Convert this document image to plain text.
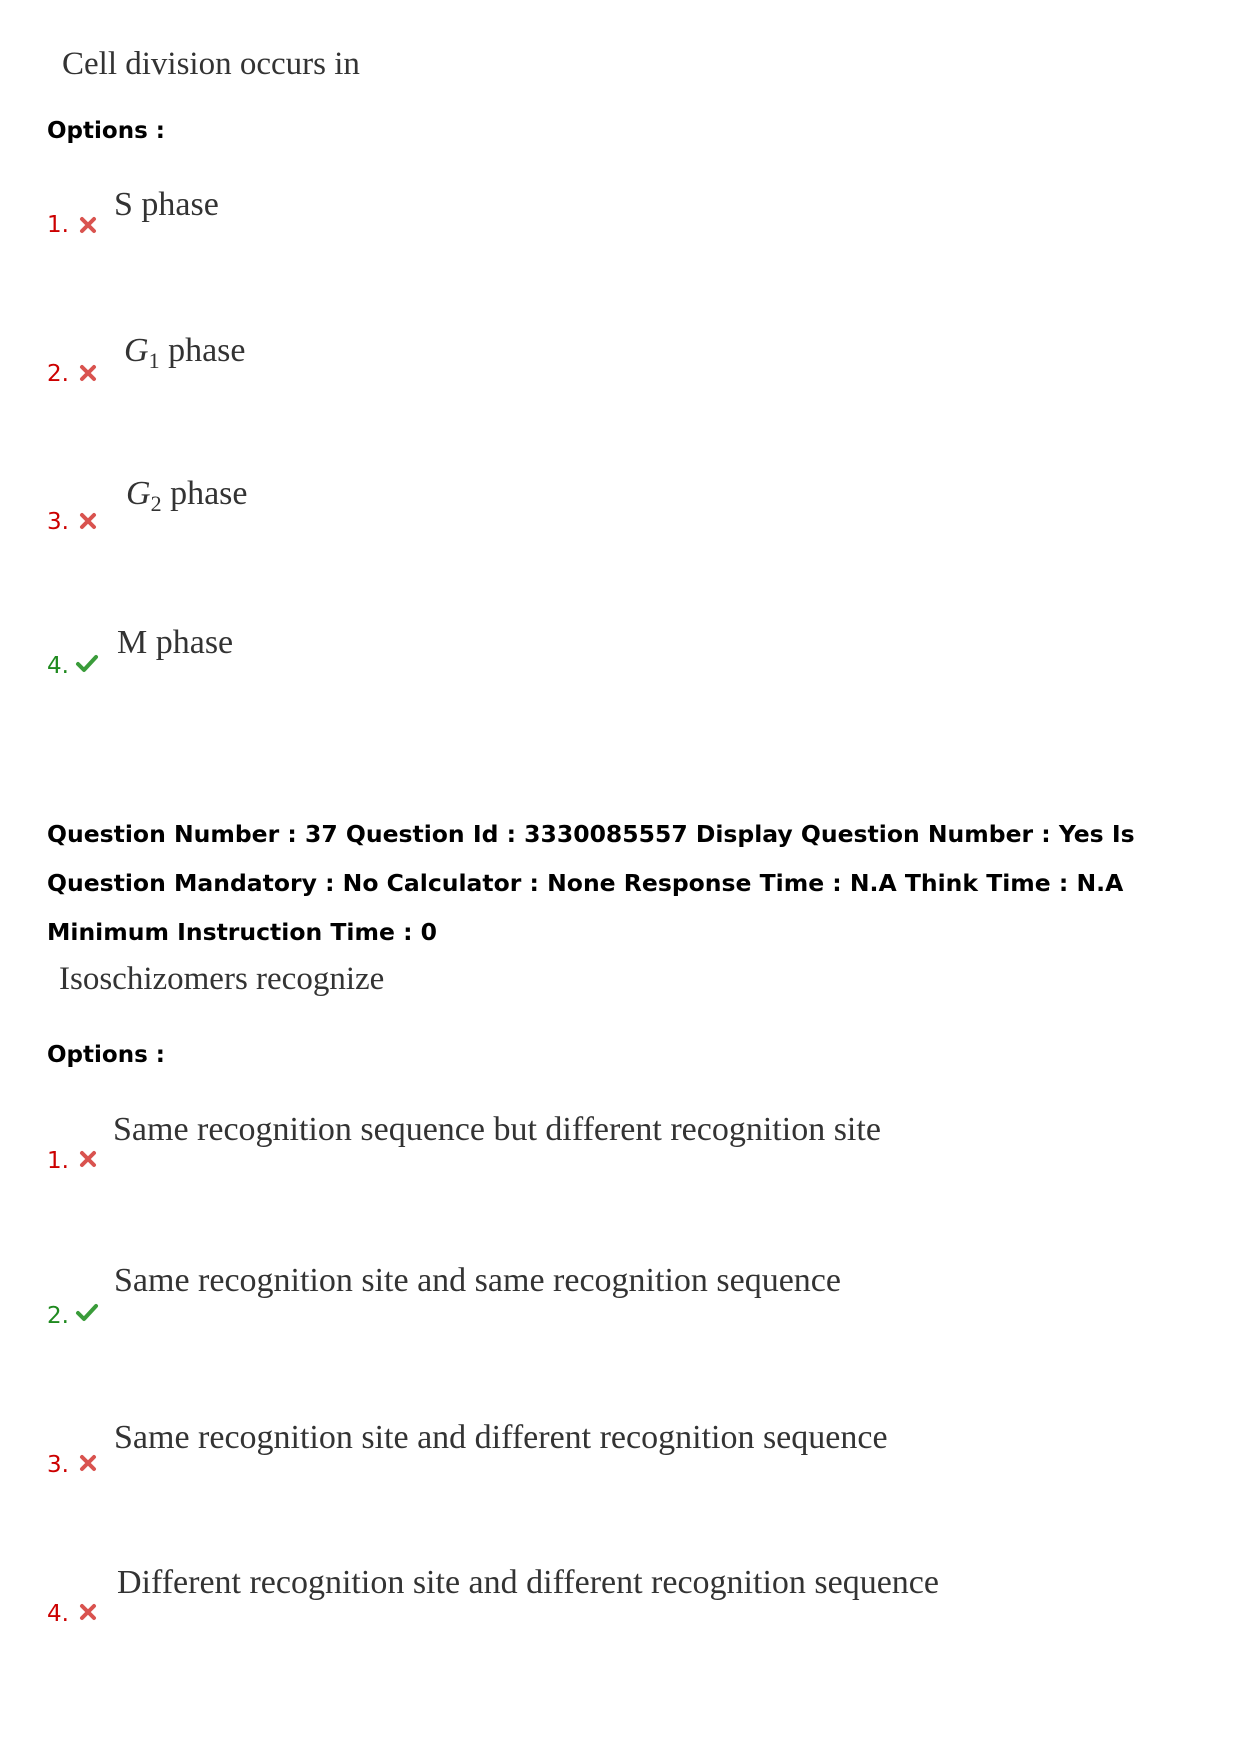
Cell division occurs in
Options :
1.
S phase
2.
$G_1$ phase
3.
$G_2$ phase
4.
M phase
Question Number : 37 Question Id : 3330085557 Display Question Number : Yes Is Question Mandatory : No Calculator : None Response Time : N.A Think Time : N.A Minimum Instruction Time : 0
Isoschizomers recognize
Options :
1.
Same recognition sequence but different recognition site
2.
Same recognition site and same recognition sequence
3.
Same recognition site and different recognition sequence
4.
Different recognition site and different recognition sequence
